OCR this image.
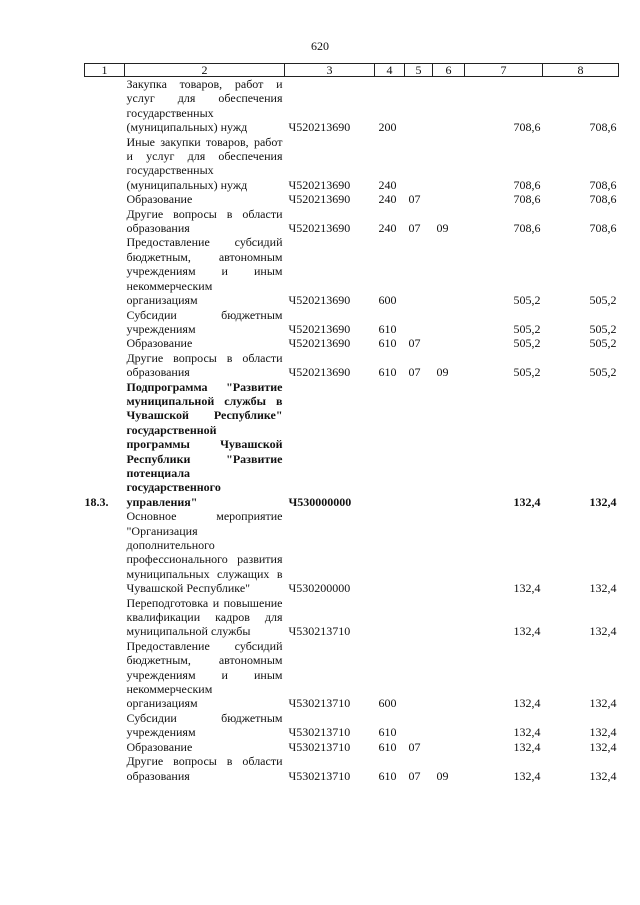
620
1	2	3	4	5	6	7	8
	Закупка товаров, работ и услуг для обеспечения государственных (муниципальных) нужд	Ч520213690	200			708,6	708,6
	Иные закупки товаров, работ и услуг для обеспечения государственных (муниципальных) нужд	Ч520213690	240			708,6	708,6
	Образование	Ч520213690	240	07		708,6	708,6
	Другие вопросы в области образования	Ч520213690	240	07	09	708,6	708,6
	Предоставление субсидий бюджетным, автономным учреждениям и иным некоммерческим организациям	Ч520213690	600			505,2	505,2
	Субсидии бюджетным учреждениям	Ч520213690	610			505,2	505,2
	Образование	Ч520213690	610	07		505,2	505,2
	Другие вопросы в области образования	Ч520213690	610	07	09	505,2	505,2
18.3.	Подпрограмма "Развитие муниципальной службы в Чувашской Республике" государственной программы Чувашской Республики "Развитие потенциала государственного управления"	Ч530000000				132,4	132,4
	Основное мероприятие "Организация дополнительного профессионального развития муниципальных служащих в Чувашской Республике"	Ч530200000				132,4	132,4
	Переподготовка и повышение квалификации кадров для муниципальной службы	Ч530213710				132,4	132,4
	Предоставление субсидий бюджетным, автономным учреждениям и иным некоммерческим организациям	Ч530213710	600			132,4	132,4
	Субсидии бюджетным учреждениям	Ч530213710	610			132,4	132,4
	Образование	Ч530213710	610	07		132,4	132,4
	Другие вопросы в области образования	Ч530213710	610	07	09	132,4	132,4
